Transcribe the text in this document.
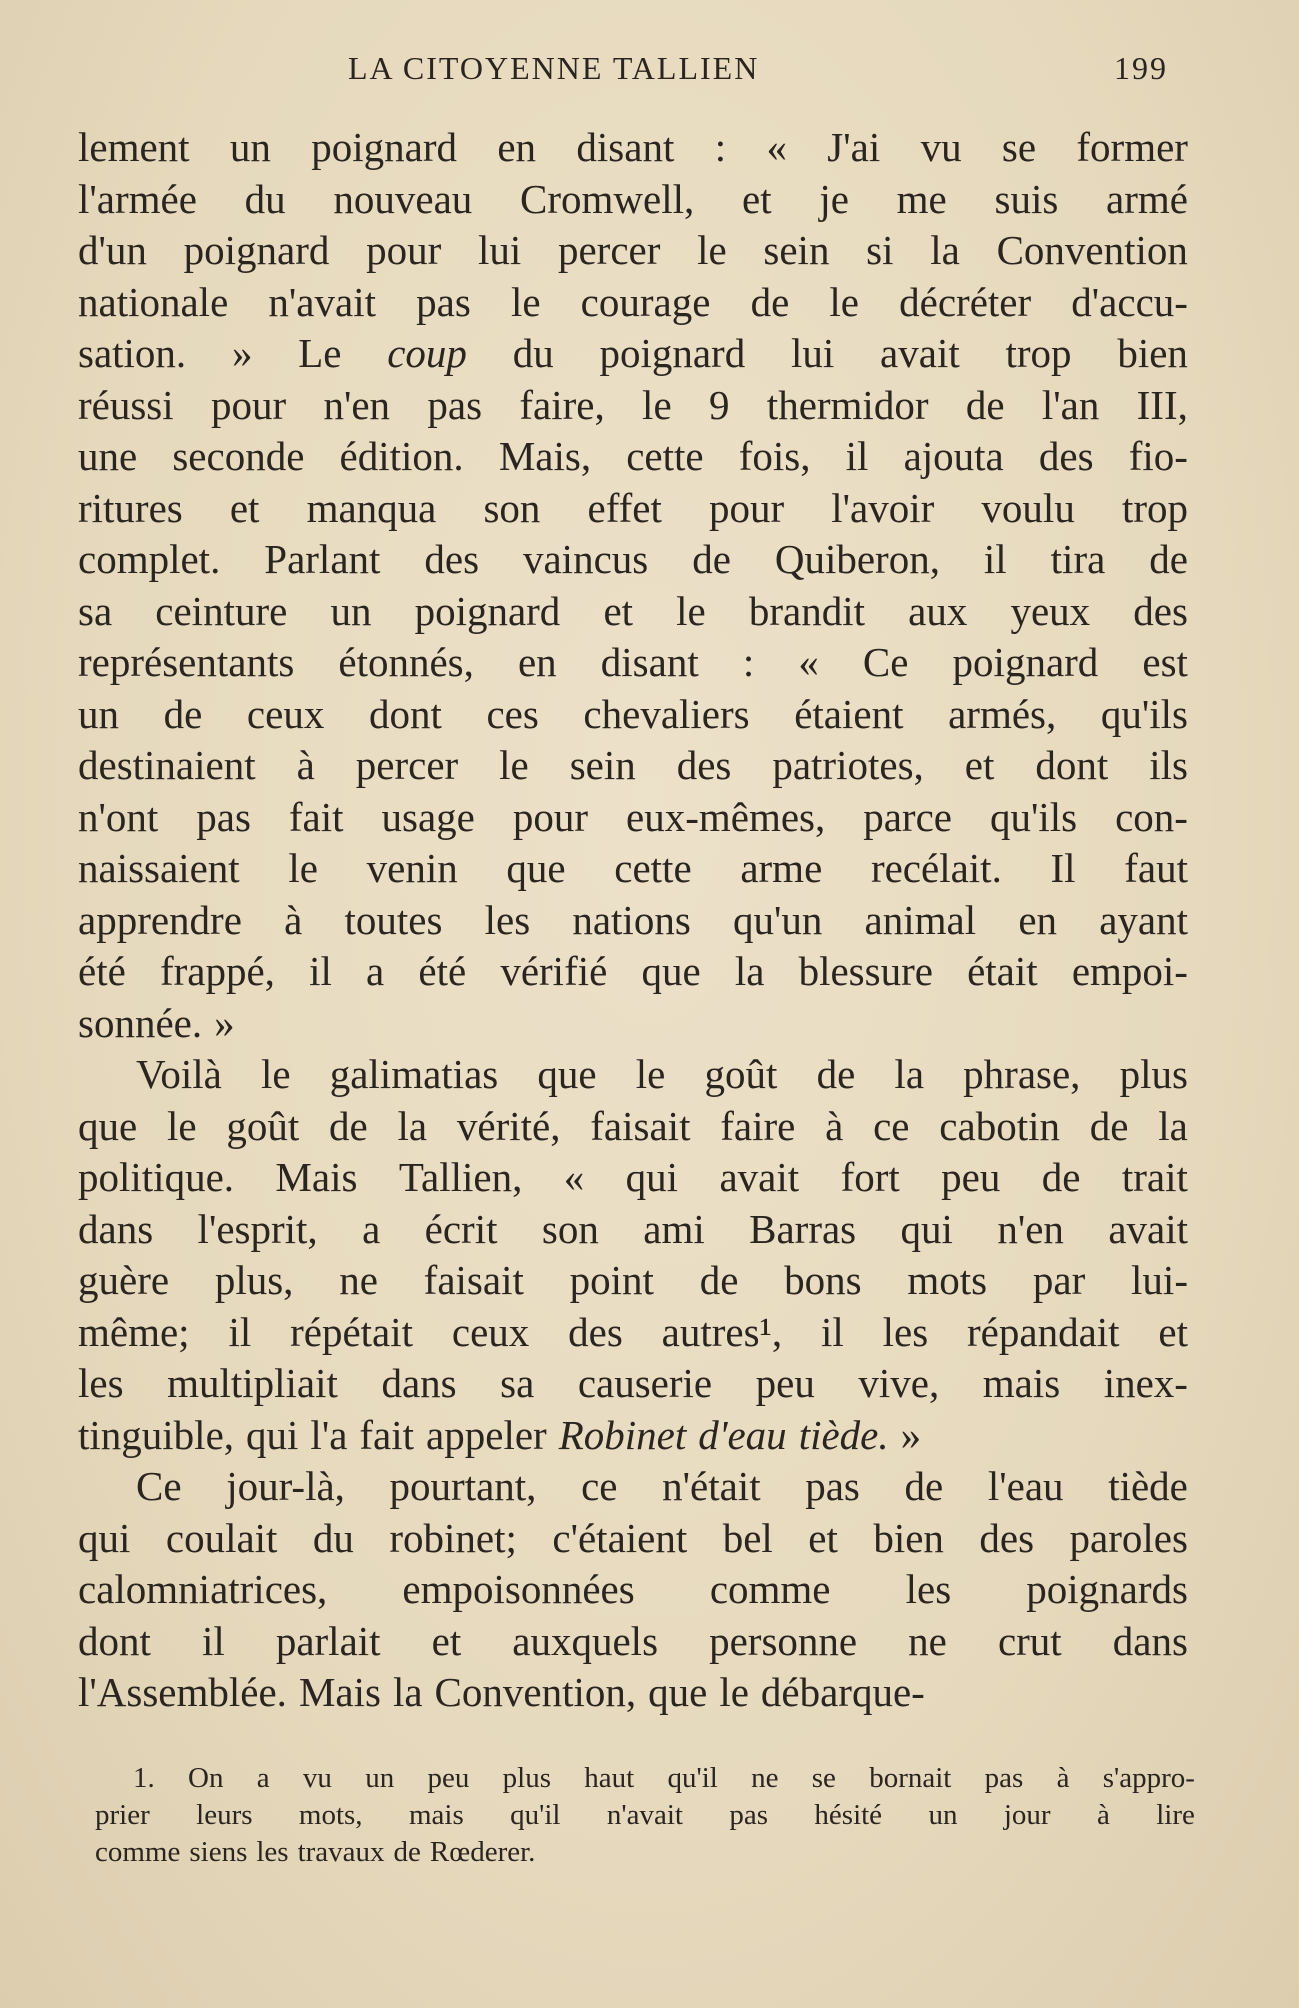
LA CITOYENNE TALLIEN	199
lement un poignard en disant : « J'ai vu se former
l'armée du nouveau Cromwell, et je me suis armé
d'un poignard pour lui percer le sein si la Convention
nationale n'avait pas le courage de le décréter d'accu-
sation. » Le coup du poignard lui avait trop bien
réussi pour n'en pas faire, le 9 thermidor de l'an III,
une seconde édition. Mais, cette fois, il ajouta des fio-
ritures et manqua son effet pour l'avoir voulu trop
complet. Parlant des vaincus de Quiberon, il tira de
sa ceinture un poignard et le brandit aux yeux des
représentants étonnés, en disant : « Ce poignard est
un de ceux dont ces chevaliers étaient armés, qu'ils
destinaient à percer le sein des patriotes, et dont ils
n'ont pas fait usage pour eux-mêmes, parce qu'ils con-
naissaient le venin que cette arme recélait. Il faut
apprendre à toutes les nations qu'un animal en ayant
été frappé, il a été vérifié que la blessure était empoi-
sonnée. »
Voilà le galimatias que le goût de la phrase, plus
que le goût de la vérité, faisait faire à ce cabotin de la
politique. Mais Tallien, « qui avait fort peu de trait
dans l'esprit, a écrit son ami Barras qui n'en avait
guère plus, ne faisait point de bons mots par lui-
même; il répétait ceux des autres¹, il les répandait et
les multipliait dans sa causerie peu vive, mais inex-
tinguible, qui l'a fait appeler Robinet d'eau tiède. »
Ce jour-là, pourtant, ce n'était pas de l'eau tiède
qui coulait du robinet; c'étaient bel et bien des paroles
calomniatrices, empoisonnées comme les poignards
dont il parlait et auxquels personne ne crut dans
l'Assemblée. Mais la Convention, que le débarque-
1. On a vu un peu plus haut qu'il ne se bornait pas à s'appro-
prier leurs mots, mais qu'il n'avait pas hésité un jour à lire
comme siens les travaux de Rœderer.
